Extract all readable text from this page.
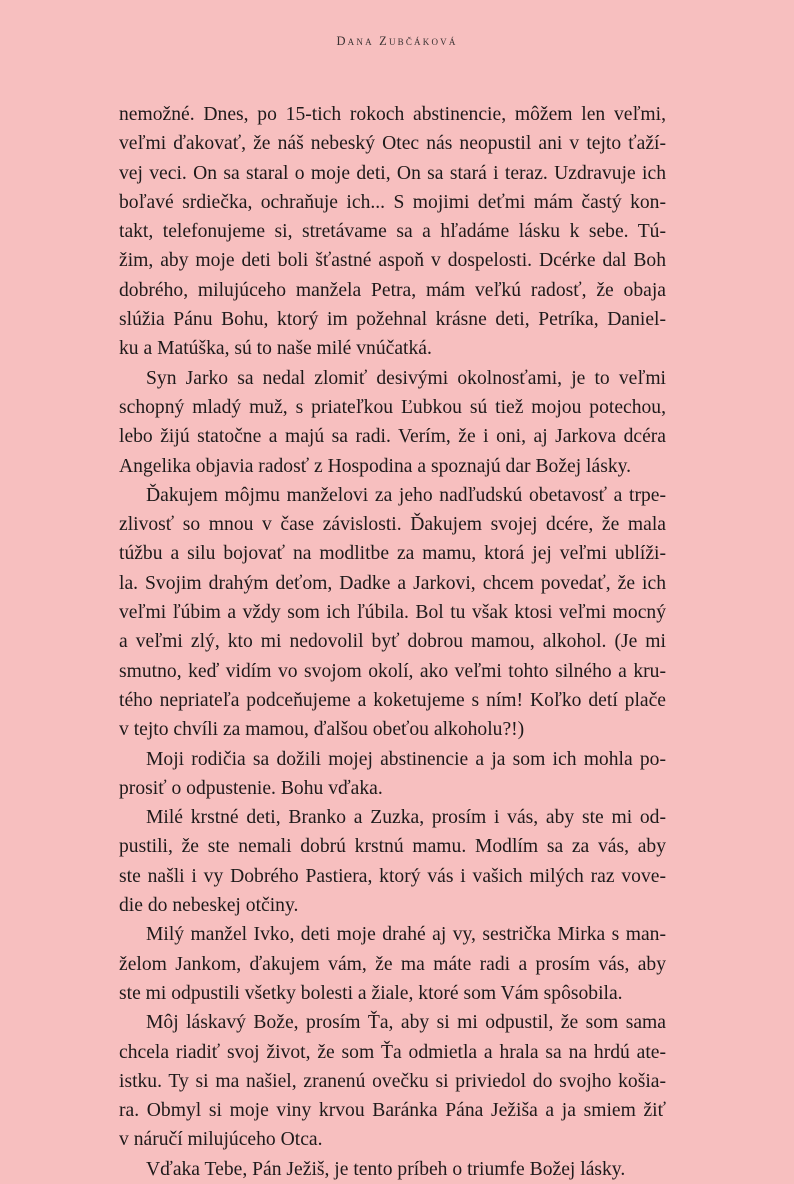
Dana Zubčáková
nemožné. Dnes, po 15-tich rokoch abstinencie, môžem len veľmi,
veľmi ďakovať, že náš nebeský Otec nás neopustil ani v tejto ťaží-
vej veci. On sa staral o moje deti, On sa stará i teraz. Uzdravuje ich
boľavé srdiečka, ochraňuje ich... S mojimi deťmi mám častý kon-
takt, telefonujeme si, stretávame sa a hľadáme lásku k sebe. Tú-
žim, aby moje deti boli šťastné aspoň v dospelosti. Dcérke dal Boh
dobrého, milujúceho manžela Petra, mám veľkú radosť, že obaja
slúžia Pánu Bohu, ktorý im požehnal krásne deti, Petríka, Daniel-
ku a Matúška, sú to naše milé vnúčatká.
Syn Jarko sa nedal zlomiť desivými okolnosťami, je to veľmi
schopný mladý muž, s priateľkou Ľubkou sú tiež mojou potechou,
lebo žijú statočne a majú sa radi. Verím, že i oni, aj Jarkova dcéra
Angelika objavia radosť z Hospodina a spoznajú dar Božej lásky.
Ďakujem môjmu manželovi za jeho nadľudskú obetavosť a trpe-
zlivosť so mnou v čase závislosti. Ďakujem svojej dcére, že mala
túžbu a silu bojovať na modlitbe za mamu, ktorá jej veľmi ublíži-
la. Svojim drahým deťom, Dadke a Jarkovi, chcem povedať, že ich
veľmi ľúbim a vždy som ich ľúbila. Bol tu však ktosi veľmi mocný
a veľmi zlý, kto mi nedovolil byť dobrou mamou, alkohol. (Je mi
smutno, keď vidím vo svojom okolí, ako veľmi tohto silného a kru-
tého nepriateľa podceňujeme a koketujeme s ním! Koľko detí plače
v tejto chvíli za mamou, ďalšou obeťou alkoholu?!)
Moji rodičia sa dožili mojej abstinencie a ja som ich mohla po-
prosiť o odpustenie. Bohu vďaka.
Milé krstné deti, Branko a Zuzka, prosím i vás, aby ste mi od-
pustili, že ste nemali dobrú krstnú mamu. Modlím sa za vás, aby
ste našli i vy Dobrého Pastiera, ktorý vás i vašich milých raz vove-
die do nebeskej otčiny.
Milý manžel Ivko, deti moje drahé aj vy, sestrička Mirka s man-
želom Jankom, ďakujem vám, že ma máte radi a prosím vás, aby
ste mi odpustili všetky bolesti a žiale, ktoré som Vám spôsobila.
Môj láskavý Bože, prosím Ťa, aby si mi odpustil, že som sama
chcela riadiť svoj život, že som Ťa odmietla a hrala sa na hrdú ate-
istku. Ty si ma našiel, zranenú ovečku si priviedol do svojho košia-
ra. Obmyl si moje viny krvou Baránka Pána Ježiša a ja smiem žiť
v náručí milujúceho Otca.
Vďaka Tebe, Pán Ježiš, je tento príbeh o triumfe Božej lásky.
